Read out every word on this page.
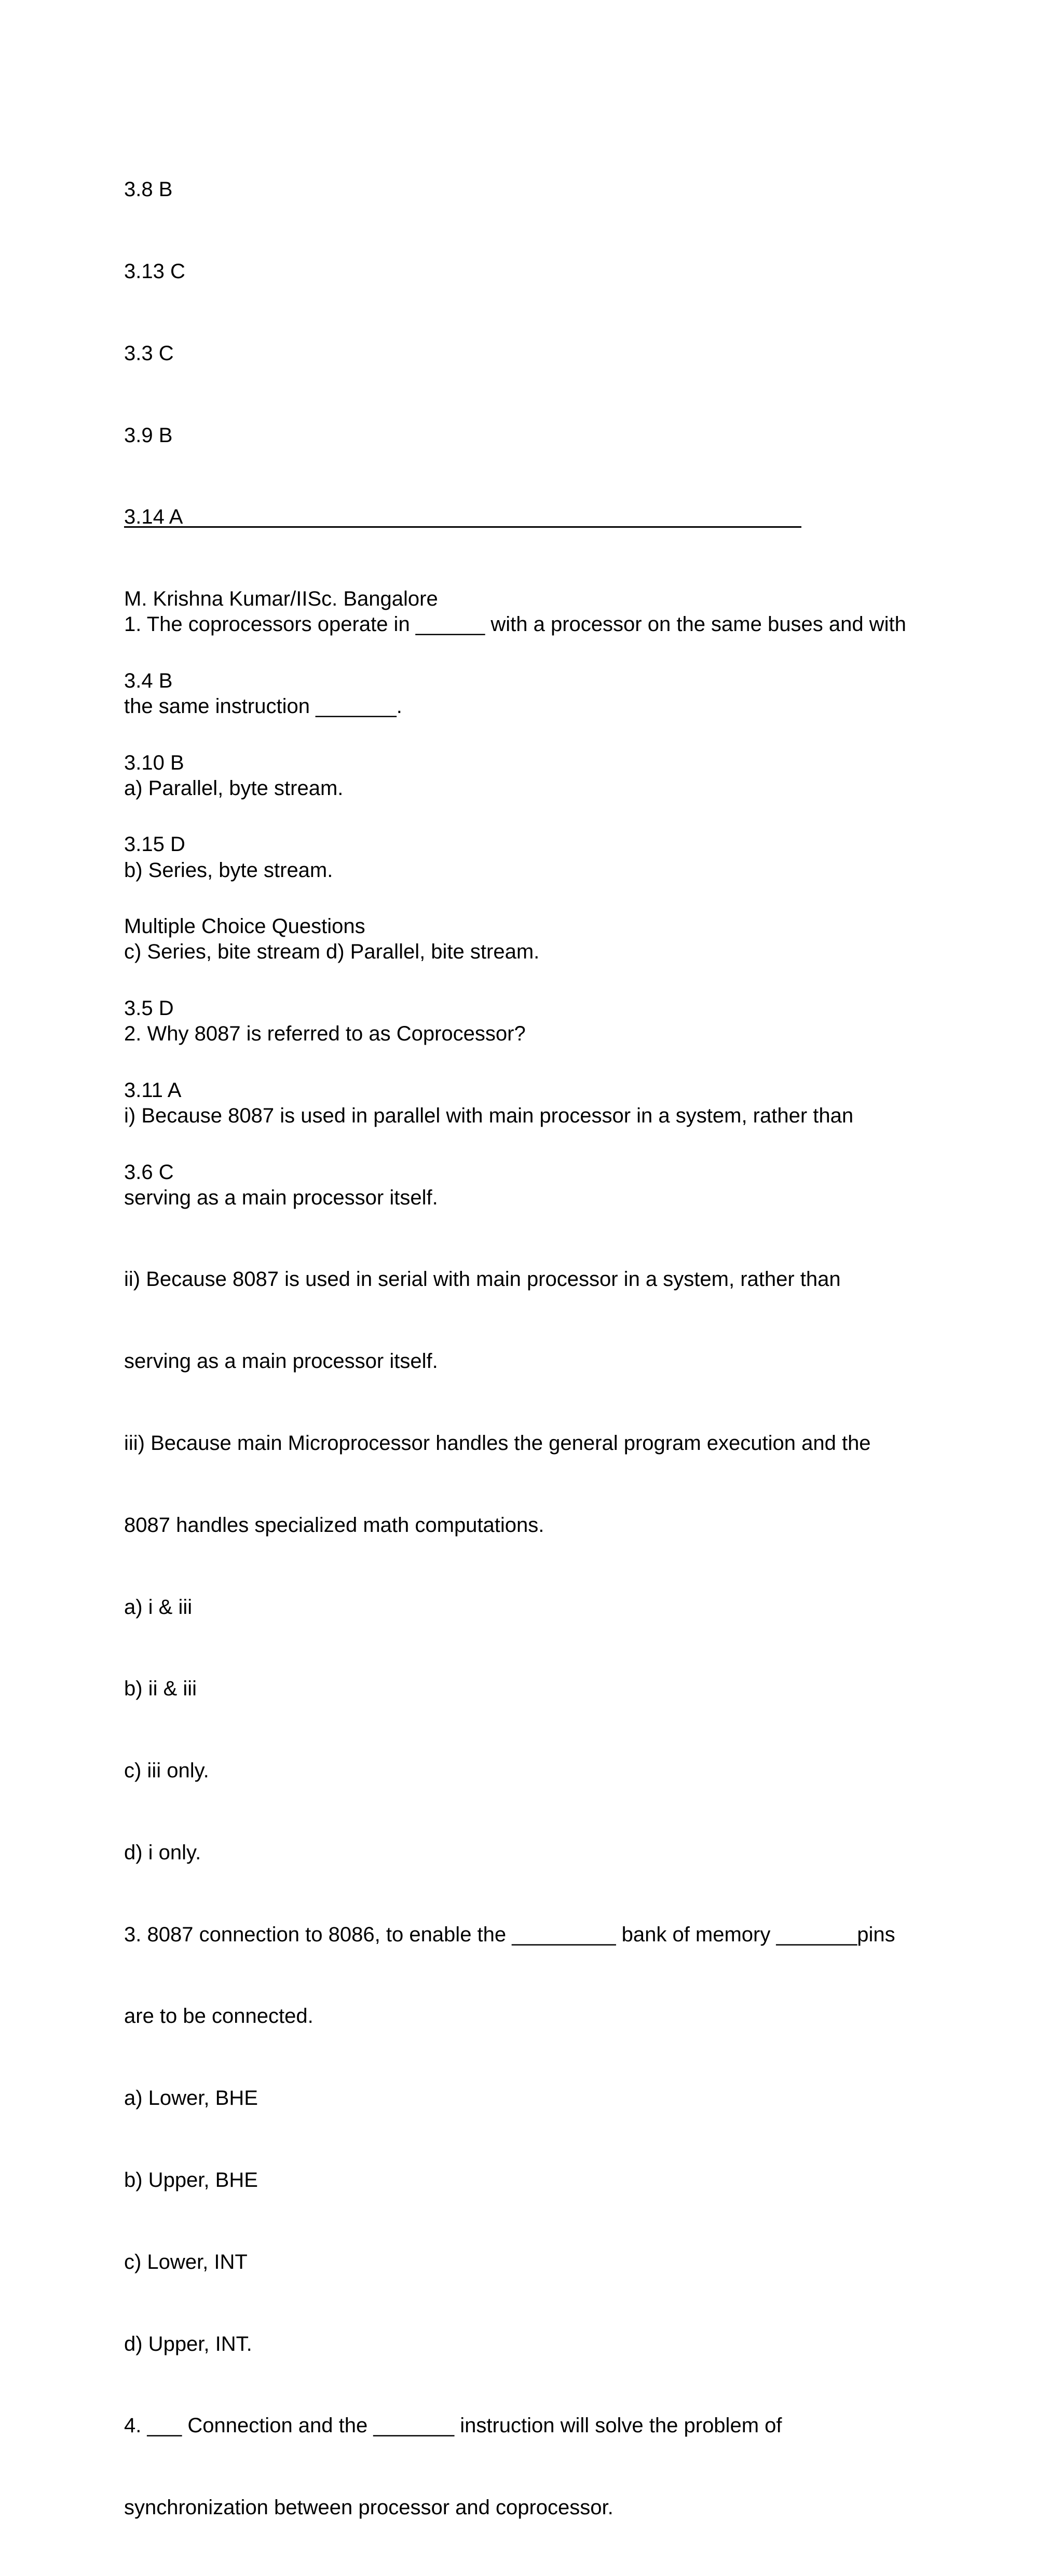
3.8 B

3.13 C

3.3 C

3.9 B

3.14 A

M. Krishna Kumar/IISc. Bangalore

3.4 B

3.10 B

3.15 D

Multiple Choice Questions

3.5 D

3.11 A

3.6 C

1. The coprocessors operate in ______ with a processor on the same buses and with

the same instruction _______.

a) Parallel, byte stream.

b) Series, byte stream.

c) Series, bite stream d) Parallel, bite stream.

2. Why 8087 is referred to as Coprocessor?

i) Because 8087 is used in parallel with main processor in a system, rather than

serving as a main processor itself.

ii) Because 8087 is used in serial with main processor in a system, rather than

serving as a main processor itself.

iii) Because main Microprocessor handles the general program execution and the

8087 handles specialized math computations.

a) i & iii

b) ii & iii

c) iii only.

d) i only.

3. 8087 connection to 8086, to enable the _________ bank of memory _______pins

are to be connected.

a) Lower, BHE

b) Upper, BHE

c) Lower, INT

d) Upper, INT.

4. ___ Connection and the _______ instruction will solve the problem of

synchronization between processor and coprocessor.
